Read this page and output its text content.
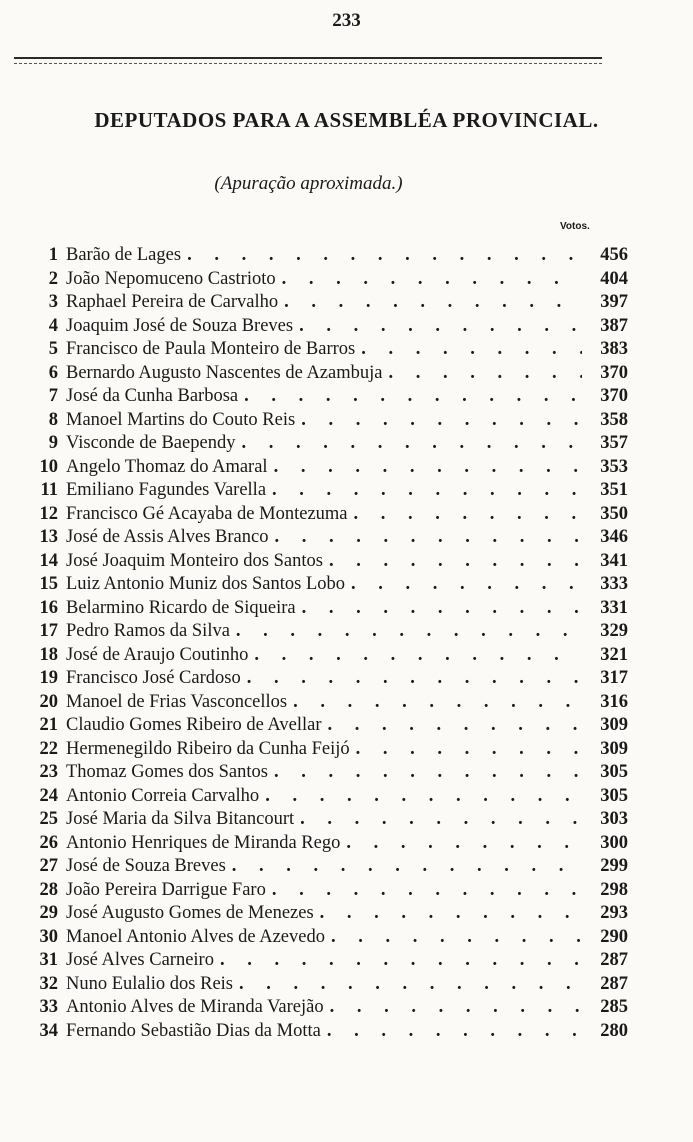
233
DEPUTADOS PARA A ASSEMBLÉA PROVINCIAL.
(Apuração aproximada.)
Votos.
1 Barão de Lages . . .	456
2 João Nepomuceno Castrioto . . .	404
3 Raphael Pereira de Carvalho . . .	397
4 Joaquim José de Souza Breves . . .	387
5 Francisco de Paula Monteiro de Barros . . .	383
6 Bernardo Augusto Nascentes de Azambuja . . .	370
7 José da Cunha Barbosa . . .	370
8 Manoel Martins do Couto Reis . . .	358
9 Visconde de Baependy . . .	357
10 Angelo Thomaz do Amaral . . .	353
11 Emiliano Fagundes Varella . . .	351
12 Francisco Gé Acayaba de Montezuma . . .	350
13 José de Assis Alves Branco . . .	346
14 José Joaquim Monteiro dos Santos . . .	341
15 Luiz Antonio Muniz dos Santos Lobo . . .	333
16 Belarmino Ricardo de Siqueira . . .	331
17 Pedro Ramos da Silva . . .	329
18 José de Araujo Coutinho . . .	321
19 Francisco José Cardoso . . .	317
20 Manoel de Frias Vasconcellos . . .	316
21 Claudio Gomes Ribeiro de Avellar . . .	309
22 Hermenegildo Ribeiro da Cunha Feijó . . .	309
23 Thomaz Gomes dos Santos . . .	305
24 Antonio Correia Carvalho . . .	305
25 José Maria da Silva Bitancourt . . .	303
26 Antonio Henriques de Miranda Rego . . .	300
27 José de Souza Breves . . .	299
28 João Pereira Darrigue Faro . . .	298
29 José Augusto Gomes de Menezes . . .	293
30 Manoel Antonio Alves de Azevedo . . .	290
31 José Alves Carneiro . . .	287
32 Nuno Eulalio dos Reis . . .	287
33 Antonio Alves de Miranda Varejão . . .	285
34 Fernando Sebastião Dias da Motta . . .	280
